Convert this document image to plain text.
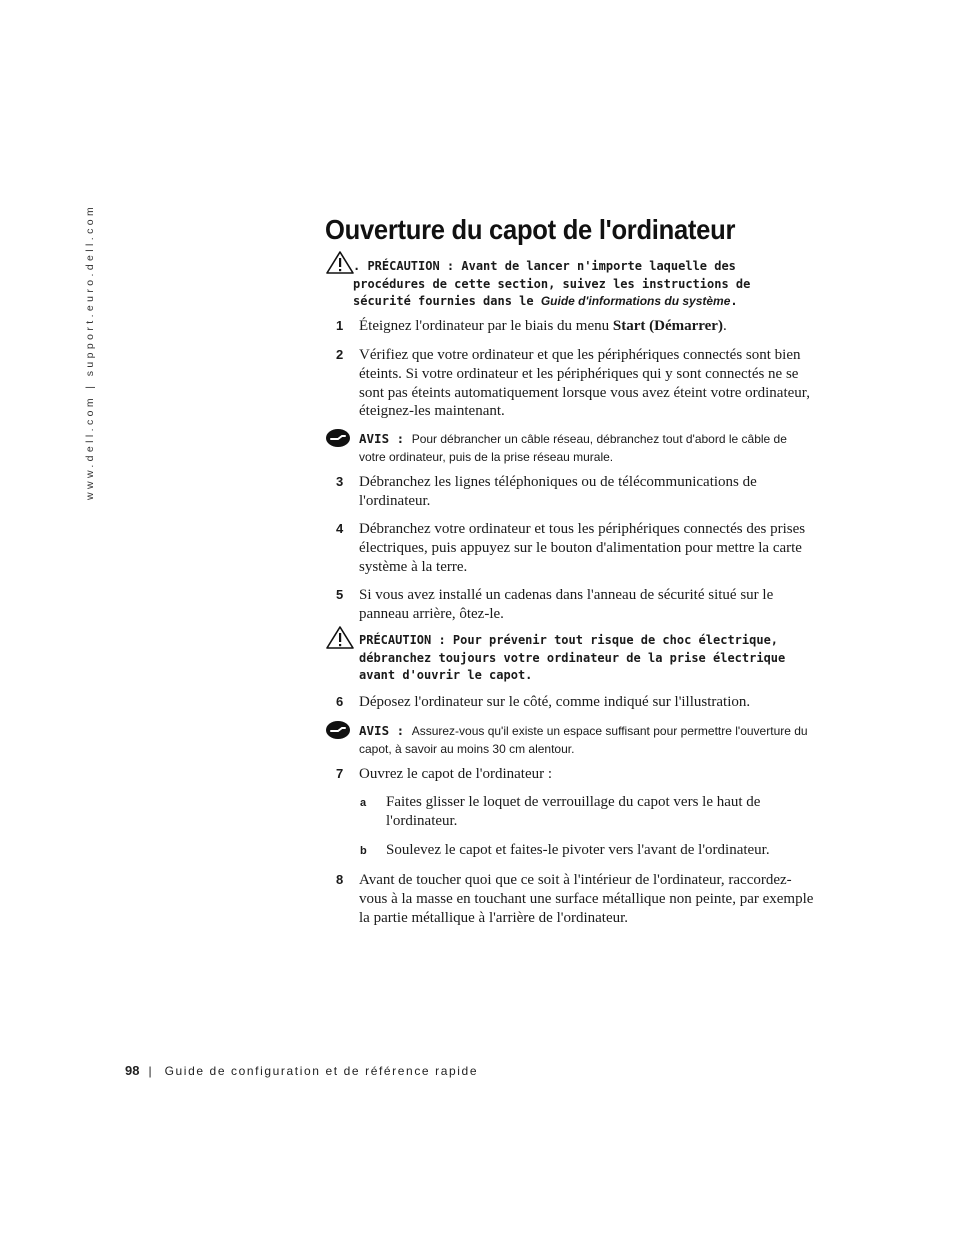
www.dell.com | support.euro.dell.com	Ouverture du capot de l'ordinateur
. PRÉCAUTION : Avant de lancer n'importe laquelle des procédures de cette section, suivez les instructions de sécurité fournies dans le Guide d'informations du système.
1 Éteignez l'ordinateur par le biais du menu Start (Démarrer).
2 Vérifiez que votre ordinateur et que les périphériques connectés sont bien éteints. Si votre ordinateur et les périphériques qui y sont connectés ne se sont pas éteints automatiquement lorsque vous avez éteint votre ordinateur, éteignez-les maintenant.
AVIS : Pour débrancher un câble réseau, débranchez tout d'abord le câble de votre ordinateur, puis de la prise réseau murale.
3 Débranchez les lignes téléphoniques ou de télécommunications de l'ordinateur.
4 Débranchez votre ordinateur et tous les périphériques connectés des prises électriques, puis appuyez sur le bouton d'alimentation pour mettre la carte système à la terre.
5 Si vous avez installé un cadenas dans l'anneau de sécurité situé sur le panneau arrière, ôtez-le.
PRÉCAUTION : Pour prévenir tout risque de choc électrique, débranchez toujours votre ordinateur de la prise électrique avant d'ouvrir le capot.
6 Déposez l'ordinateur sur le côté, comme indiqué sur l'illustration.
AVIS : Assurez-vous qu'il existe un espace suffisant pour permettre l'ouverture du capot, à savoir au moins 30 cm alentour.
7 Ouvrez le capot de l'ordinateur :
a Faites glisser le loquet de verrouillage du capot vers le haut de l'ordinateur.
b Soulevez le capot et faites-le pivoter vers l'avant de l'ordinateur.
8 Avant de toucher quoi que ce soit à l'intérieur de l'ordinateur, raccordez-vous à la masse en touchant une surface métallique non peinte, par exemple la partie métallique à l'arrière de l'ordinateur.
98 | Guide de configuration et de référence rapide
